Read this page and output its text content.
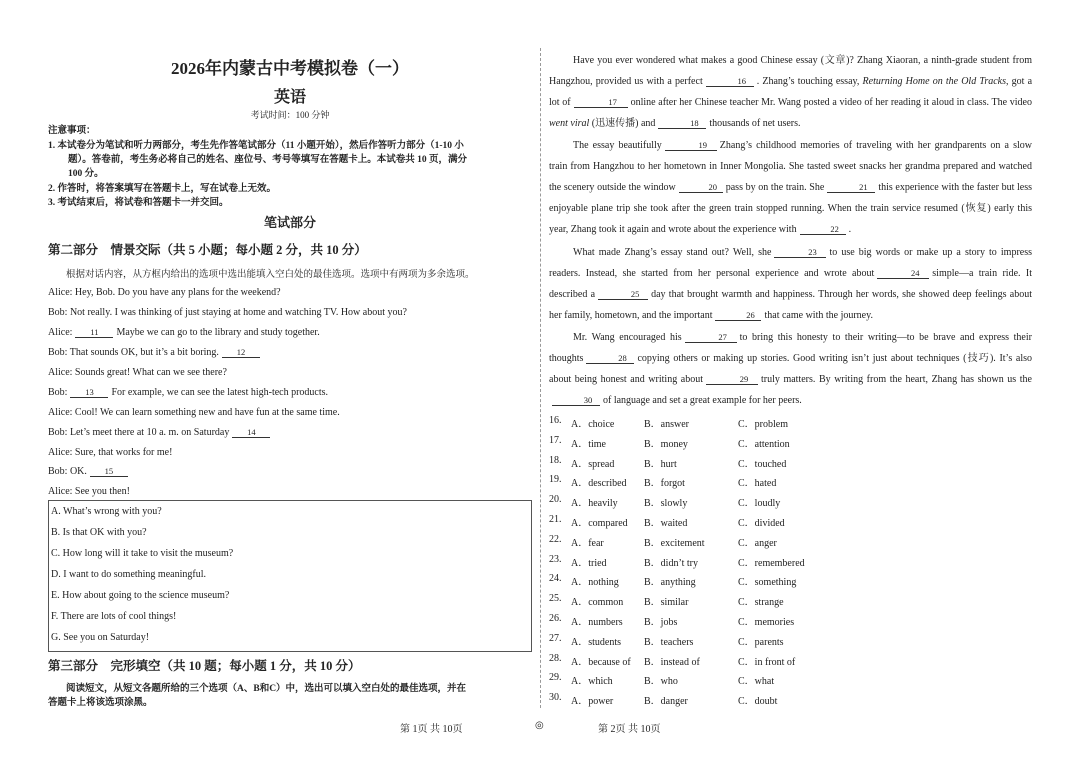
2026年内蒙古中考模拟卷（一）
英语
考试时间：100 分钟
注意事项：
1. 本试卷分为笔试和听力两部分，考生先作答笔试部分（11 小题开始），然后作答听力部分（1-10 小
题）。答卷前，考生务必将自己的姓名、座位号、考号等填写在答题卡上。本试卷共 10 页，满分
100 分。
2. 作答时，将答案填写在答题卡上，写在试卷上无效。
3. 考试结束后，将试卷和答题卡一并交回。
笔试部分
第二部分　情景交际（共 5 小题；每小题 2 分，共 10 分）
根据对话内容，从方框内给出的选项中选出能填入空白处的最佳选项。选项中有两项为多余选项。
Alice: Hey, Bob. Do you have any plans for the weekend?
Bob: Not really. I was thinking of just staying at home and watching TV. How about you?
Alice: 11 Maybe we can go to the library and study together.
Bob: That sounds OK, but it’s a bit boring. 12
Alice: Sounds great! What can we see there?
Bob: 13 For example, we can see the latest high-tech products.
Alice: Cool! We can learn something new and have fun at the same time.
Bob: Let’s meet there at 10 a. m. on Saturday 14
Alice: Sure, that works for me!
Bob: OK. 15
Alice: See you then!
A. What’s wrong with you?
B. Is that OK with you?
C. How long will it take to visit the museum?
D. I want to do something meaningful.
E. How about going to the science museum?
F. There are lots of cool things!
G. See you on Saturday!
第三部分　完形填空（共 10 题；每小题 1 分，共 10 分）
阅读短文，从短文各题所给的三个选项（A、B和C）中，选出可以填入空白处的最佳选项，并在
答题卡上将该选项涂黑。

Have you ever wondered what makes a good Chinese essay (文章)? Zhang Xiaoran, a ninth-grade student from Hangzhou, provided us with a perfect	16 . Zhang’s touching essay, Returning Home on the Old Tracks, got a lot of	17 online after her Chinese teacher Mr. Wang posted a video of her reading it aloud in class. The video went viral (迅速传播) and	18 thousands of net users.

The essay beautifully	19 Zhang’s childhood memories of traveling with her grandparents on a slow train from Hangzhou to her hometown in Inner Mongolia. She tasted sweet snacks her grandma prepared and watched the scenery outside the window	20 pass by on the train. She	21 this experience with the faster but less enjoyable plane trip she took after the green train stopped running. When the train service resumed (恢复) early this year, Zhang took it again and wrote about the experience with	22 .

What made Zhang’s essay stand out? Well, she	23 to use big words or make up a story to impress readers. Instead, she started from her personal experience and wrote about	24 simple—a train ride. It described a	25 day that brought warmth and happiness. Through her words, she showed deep feelings about her family, hometown, and the important	26 that came with the journey.

Mr. Wang encouraged his	27 to bring this honesty to their writing—to be brave and express their thoughts	28 copying others or making up stories. Good writing isn’t just about techniques (技巧). It’s also about being honest and writing about	29 truly matters. By writing from the heart, Zhang has shown us the30 of language and set a great example for her peers.

16. A．choice	B．answer	C．problem
17. A．time	B．money	C．attention
18. A．spread	B．hurt	C．touched
19. A．described B．forgot	C．hated
20. A．heavily	B．slowly	C．loudly
21. A．compared B．waited	C．divided
22. A．fear	B．excitement	C．anger
23. A．tried	B．didn’t try	C．remembered
24. A．nothing	B．anything	C．something
25. A．common B．similar	C．strange
26. A．numbers B．jobs	C．memories
27. A．students B．teachers	C．parents
28. A．because of B．instead of	C．in front of
29. A．which	B．who	C．what
30. A．power	B．danger	C．doubt
第 1页 共 10页	◎	第 2页 共 10页
